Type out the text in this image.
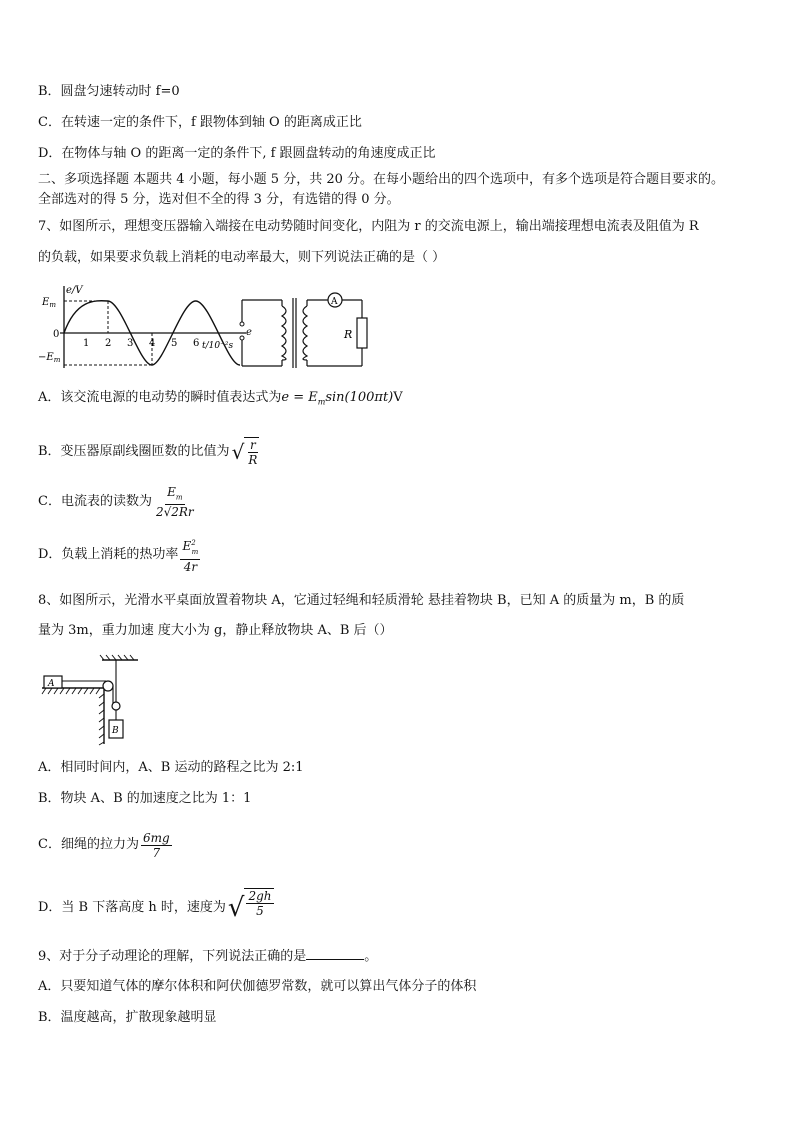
B．圆盘匀速转动时 f=0
C．在转速一定的条件下，f 跟物体到轴 O 的距离成正比
D．在物体与轴 O 的距离一定的条件下, f 跟圆盘转动的角速度成正比
二、多项选择题 本题共 4 小题，每小题 5 分，共 20 分。在每小题给出的四个选项中，有多个选项是符合题目要求的。
全部选对的得 5 分，选对但不全的得 3 分，有选错的得 0 分。
7、如图所示，理想变压器输入端接在电动势随时间变化，内阻为 r 的交流电源上，输出端接理想电流表及阻值为 R
的负载，如果要求负载上消耗的电动率最大，则下列说法正确的是（ ）
e/V
$E_m$
0
$-E_m$
1 2 3 4 5 6 t/10⁻²s
e
A
R
A．该交流电源的电动势的瞬时值表达式为$e = E_m\sin(100\pi t)V$
B．变压器原副线圈匝数的比值为 √ $\frac{r}{R}$
C．电流表的读数为 $\frac{E_m}{2√2Rr}$
D．负载上消耗的热功率 $\frac{E^2_m}{4r}$
8、如图所示，光滑水平桌面放置着物块 A，它通过轻绳和轻质滑轮 悬挂着物块 B，已知 A 的质量为 m，B 的质
量为 3m，重力加速 度大小为 g，静止释放物块 A、B 后（）
A
B
A．相同时间内，A、B 运动的路程之比为 2:1
B．物块 A、B 的加速度之比为 1：1
C．细绳的拉力为 $\frac{6mg}{7}$
D．当 B 下落高度 h 时，速度为 √ $\frac{2gh}{5}$
9、对于分子动理论的理解，下列说法正确的是	。
A．只要知道气体的摩尔体积和阿伏伽德罗常数，就可以算出气体分子的体积
B．温度越高，扩散现象越明显
